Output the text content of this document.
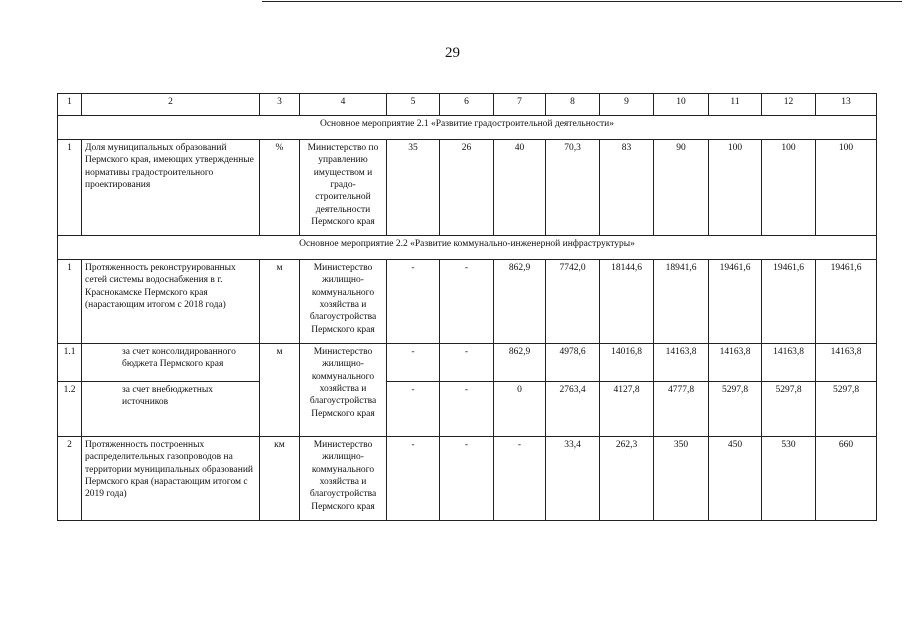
29
1	2	3	4	5	6	7	8	9	10	11	12	13
Основное мероприятие 2.1 «Развитие градостроительной деятельности»												
1	Доля муниципальных образований Пермского края, имеющих утвержденные нормативы градостроительного проектирования	%	Министерство по управлению имуществом и градо-строительной деятельности Пермского края	35	26	40	70,3	83	90	100	100	100
Основное мероприятие 2.2 «Развитие коммунально-инженерной инфраструктуры»												
1	Протяженность реконструированных сетей системы водоснабжения в г. Краснокамске Пермского края (нарастающим итогом с 2018 года)	м	Министерство жилищно-коммунального хозяйства и благоустройства Пермского края	-	-	862,9	7742,0	18144,6	18941,6	19461,6	19461,6	19461,6
1.1	за счет консолидированного бюджета Пермского края	м	Министерство жилищно-коммунального хозяйства и благоустройства Пермского края	-	-	862,9	4978,6	14016,8	14163,8	14163,8	14163,8	14163,8
1.2	за счет внебюджетных источников			-	-	0	2763,4	4127,8	4777,8	5297,8	5297,8	5297,8
2	Протяженность построенных распределительных газопроводов на территории муниципальных образований Пермского края (нарастающим итогом с 2019 года)	км	Министерство жилищно-коммунального хозяйства и благоустройства Пермского края	-	-	-	33,4	262,3	350	450	530	660
